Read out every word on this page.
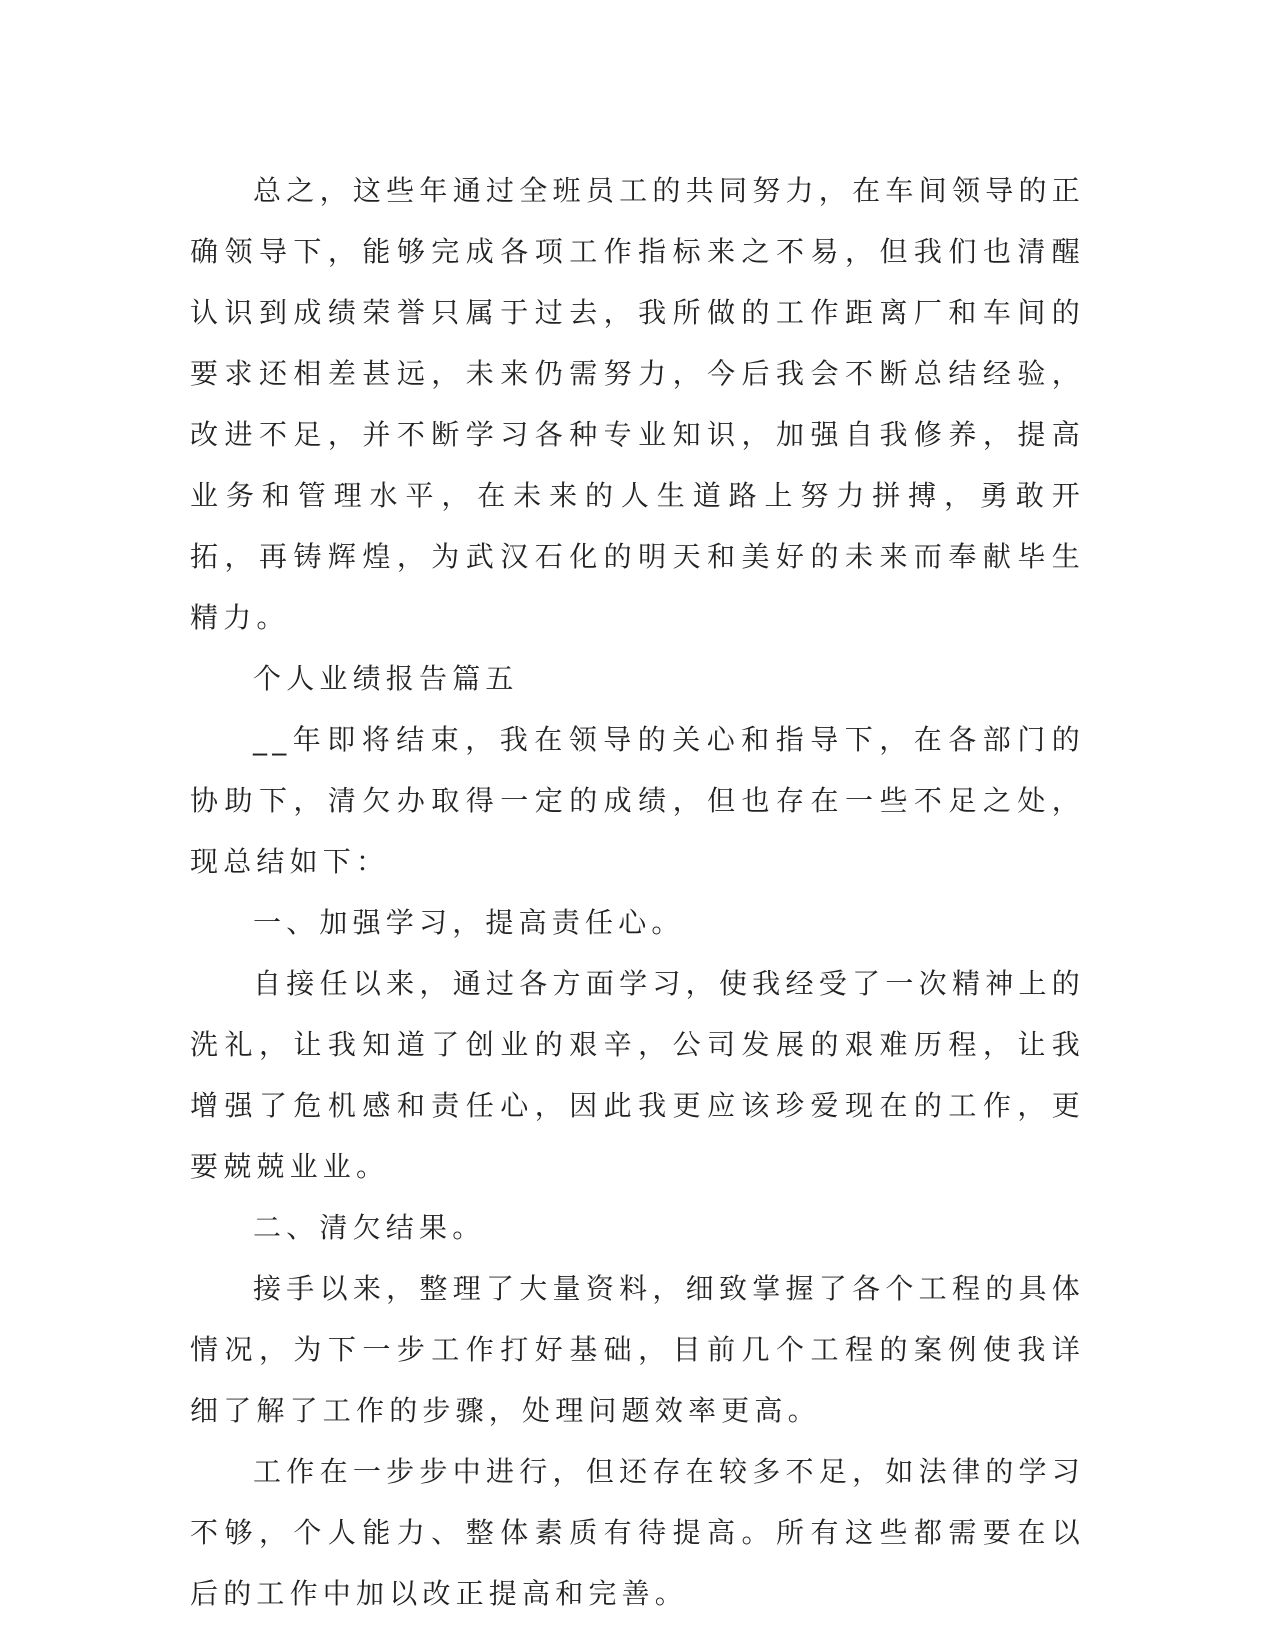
总之，这些年通过全班员工的共同努力，在车间领导的正确领导下，能够完成各项工作指标来之不易，但我们也清醒认识到成绩荣誉只属于过去，我所做的工作距离厂和车间的要求还相差甚远，未来仍需努力，今后我会不断总结经验，改进不足，并不断学习各种专业知识，加强自我修养，提高业务和管理水平，在未来的人生道路上努力拼搏，勇敢开拓，再铸辉煌，为武汉石化的明天和美好的未来而奉献毕生精力。

个人业绩报告篇五

__年即将结束，我在领导的关心和指导下，在各部门的协助下，清欠办取得一定的成绩，但也存在一些不足之处，现总结如下：

一、加强学习，提高责任心。

自接任以来，通过各方面学习，使我经受了一次精神上的洗礼，让我知道了创业的艰辛，公司发展的艰难历程，让我增强了危机感和责任心，因此我更应该珍爱现在的工作，更要兢兢业业。

二、清欠结果。

接手以来，整理了大量资料，细致掌握了各个工程的具体情况，为下一步工作打好基础，目前几个工程的案例使我详细了解了工作的步骤，处理问题效率更高。

工作在一步步中进行，但还存在较多不足，如法律的学习不够，个人能力、整体素质有待提高。所有这些都需要在以后的工作中加以改正提高和完善。
